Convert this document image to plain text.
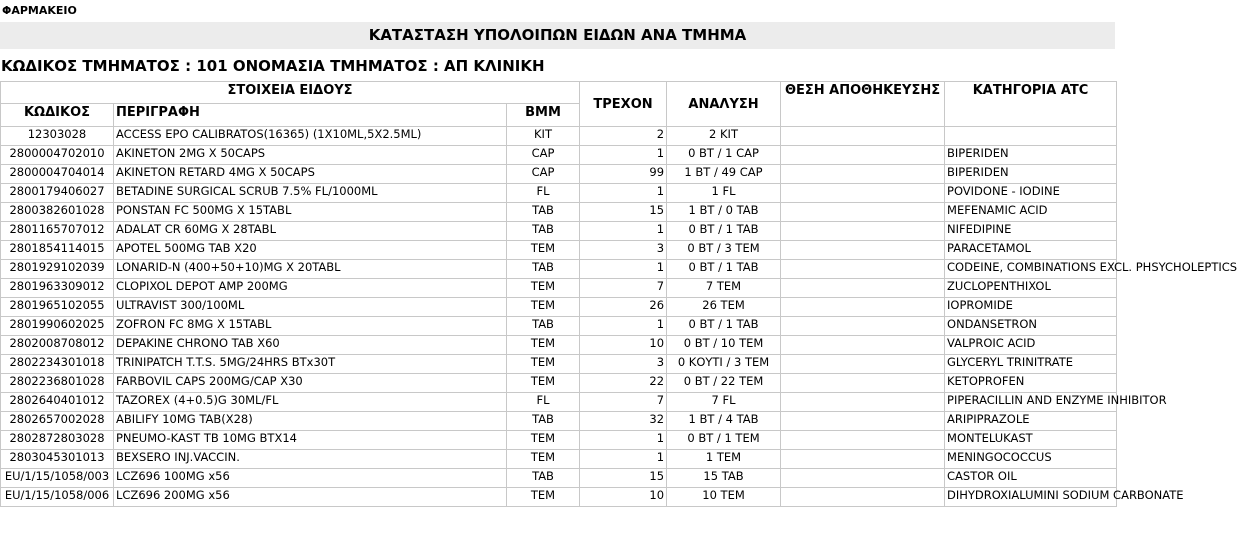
ΦΑΡΜΑΚΕΙΟ
ΚΑΤΑΣΤΑΣΗ ΥΠΟΛΟΙΠΩΝ ΕΙΔΩΝ ΑΝΑ ΤΜΗΜΑ
ΚΩΔΙΚΟΣ ΤΜΗΜΑΤΟΣ : 101 ΟΝΟΜΑΣΙΑ ΤΜΗΜΑΤΟΣ : ΑΠ ΚΛΙΝΙΚΗ
ΣΤΟΙΧΕΙΑ ΕΙΔΟΥΣ			ΤΡΕΧΟΝ	ΑΝΑΛΥΣΗ	ΘΕΣΗ ΑΠΟΘΗΚΕΥΣΗΣ	ΚΑΤΗΓΟΡΙΑ ATC
ΚΩΔΙΚΟΣ	ΠΕΡΙΓΡΑΦΗ	ΒΜΜ				
12303028	ACCESS EPO CALIBRATOS(16365) (1X10ML,5X2.5ML)	KIT	2	2 KIT		
2800004702010	AKINETON 2MG X 50CAPS	CAP	1	0 BT / 1 CAP		BIPERIDEN
2800004704014	AKINETON RETARD 4MG X 50CAPS	CAP	99	1 BT / 49 CAP		BIPERIDEN
2800179406027	BETADINE SURGICAL SCRUB 7.5% FL/1000ML	FL	1	1 FL		POVIDONE - IODINE
2800382601028	PONSTAN FC 500MG X 15TABL	TAB	15	1 BT / 0 TAB		MEFENAMIC ACID
2801165707012	ADALAT CR 60MG X 28TABL	TAB	1	0 BT / 1 TAB		NIFEDIPINE
2801854114015	APOTEL 500MG TAB X20	TEM	3	0 BT / 3 TEM		PARACETAMOL
2801929102039	LONARID-N (400+50+10)MG X 20TABL	TAB	1	0 BT / 1 TAB		CODEINE, COMBINATIONS EXCL. PHSYCHOLEPTICS
2801963309012	CLOPIXOL DEPOT AMP 200MG	TEM	7	7 TEM		ZUCLOPENTHIXOL
2801965102055	ULTRAVIST 300/100ML	TEM	26	26 TEM		IOPROMIDE
2801990602025	ZOFRON FC 8MG X 15TABL	TAB	1	0 BT / 1 TAB		ONDANSETRON
2802008708012	DEPAKINE CHRONO TAB X60	TEM	10	0 BT / 10 TEM		VALPROIC ACID
2802234301018	TRINIPATCH T.T.S. 5MG/24HRS BTx30T	TEM	3	0 ΚΟΥΤΙ / 3 TEM		GLYCERYL TRINITRATE
2802236801028	FARBOVIL CAPS 200MG/CAP X30	TEM	22	0 BT / 22 TEM		KETOPROFEN
2802640401012	TAZOREX (4+0.5)G 30ML/FL	FL	7	7 FL		PIPERACILLIN AND ENZYME INHIBITOR
2802657002028	ABILIFY 10MG TAB(X28)	TAB	32	1 BT / 4 TAB		ARIPIPRAZOLE
2802872803028	PNEUMO-KAST TB 10MG BTX14	TEM	1	0 BT / 1 TEM		MONTELUKAST
2803045301013	BEXSERO INJ.VACCIN.	TEM	1	1 TEM		MENINGOCOCCUS
EU/1/15/1058/003	LCZ696 100MG x56	TAB	15	15 TAB		CASTOR OIL
EU/1/15/1058/006	LCZ696 200MG x56	TEM	10	10 TEM		DIHYDROXIALUMINI SODIUM CARBONATE
